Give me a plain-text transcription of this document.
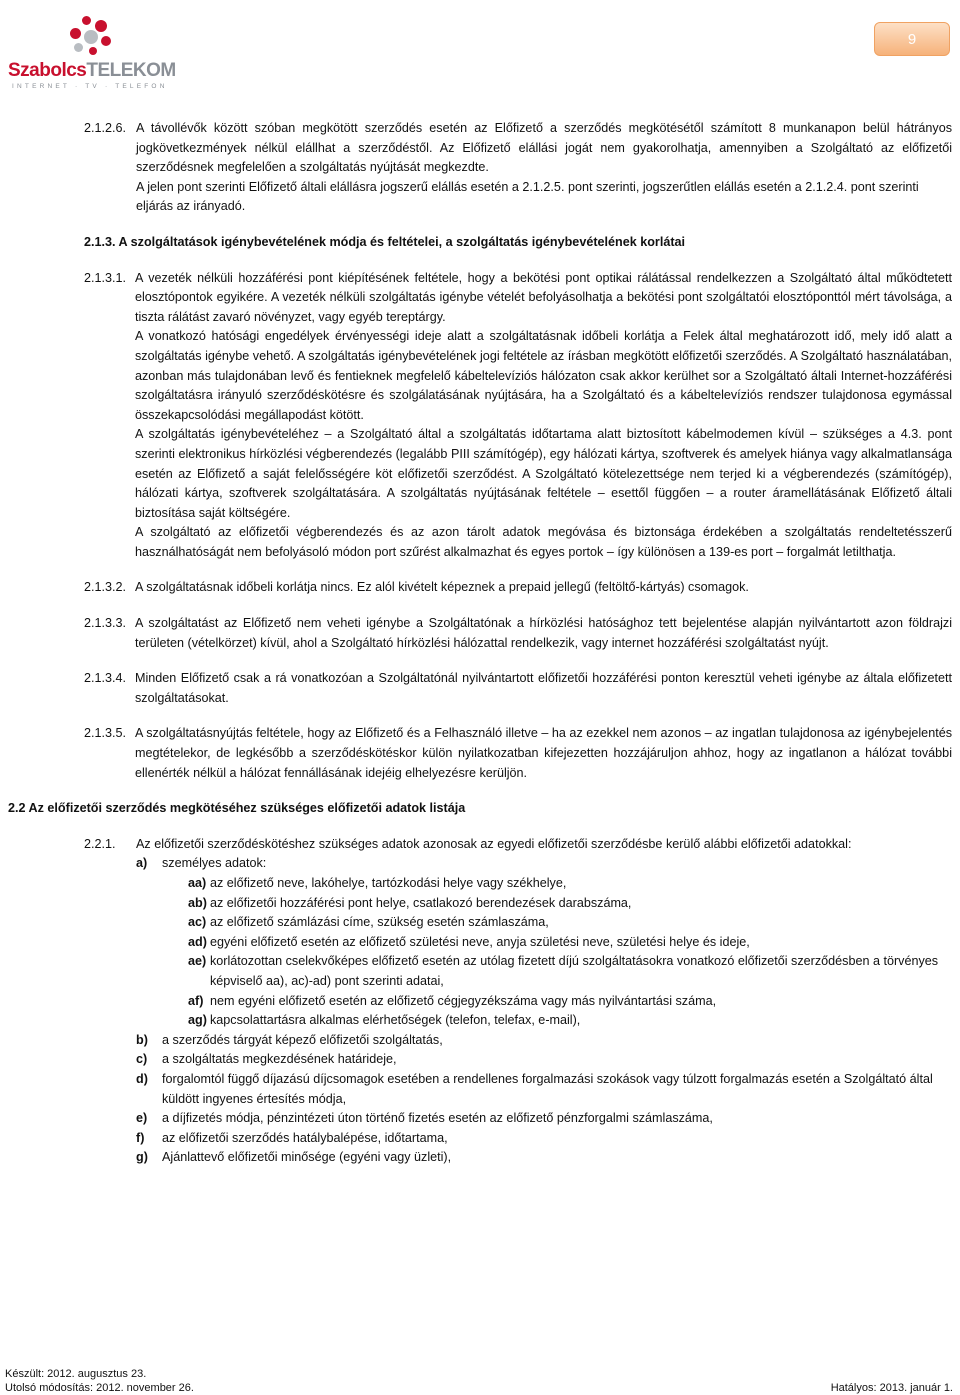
SzabolcsTELEKOM
INTERNET · TV · TELEFON
9
2.1.2.6. A távollévők között szóban megkötött szerződés esetén az Előfizető a szerződés megkötésétől számított 8 munkanapon belül hátrányos jogkövetkezmények nélkül elállhat a szerződéstől. Az Előfizető elállási jogát nem gyakorolhatja, amennyiben a Szolgáltató az előfizetői szerződésnek megfelelően a szolgáltatás nyújtását megkezdte.

A jelen pont szerinti Előfizető általi elállásra jogszerű elállás esetén a 2.1.2.5. pont szerinti, jogszerűtlen elállás esetén a 2.1.2.4. pont szerinti eljárás az irányadó.

2.1.3. A szolgáltatások igénybevételének módja és feltételei, a szolgáltatás igénybevételének korlátai
2.1.3.1. A vezeték nélküli hozzáférési pont kiépítésének feltétele, hogy a bekötési pont optikai rálátással rendelkezzen a Szolgáltató által működtetett elosztópontok egyikére. A vezeték nélküli szolgáltatás igénybe vételét befolyásolhatja a bekötési pont szolgáltatói elosztóponttól mért távolsága, a tiszta rálátást zavaró növényzet, vagy egyéb tereptárgy.

A vonatkozó hatósági engedélyek érvényességi ideje alatt a szolgáltatásnak időbeli korlátja a Felek által meghatározott idő, mely idő alatt a szolgáltatás igénybe vehető. A szolgáltatás igénybevételének jogi feltétele az írásban megkötött előfizetői szerződés. A Szolgáltató használatában, azonban más tulajdonában levő és fentieknek megfelelő kábeltelevíziós hálózaton csak akkor kerülhet sor a Szolgáltató általi Internet-hozzáférési szolgáltatásra irányuló szerződéskötésre és szolgálatásának nyújtására, ha a Szolgáltató és a kábeltelevíziós rendszer tulajdonosa egymással összekapcsolódási megállapodást kötött.

A szolgáltatás igénybevételéhez – a Szolgáltató által a szolgáltatás időtartama alatt biztosított kábelmodemen kívül – szükséges a 4.3. pont szerinti elektronikus hírközlési végberendezés (legalább PIII számítógép), egy hálózati kártya, szoftverek és amelyek hiánya vagy alkalmatlansága esetén az Előfizető a saját felelősségére köt előfizetői szerződést. A Szolgáltató kötelezettsége nem terjed ki a végberendezés (számítógép), hálózati kártya, szoftverek szolgáltatására. A szolgáltatás nyújtásának feltétele – esettől függően – a router áramellátásának Előfizető általi biztosítása saját költségére.

A szolgáltató az előfizetői végberendezés és az azon tárolt adatok megóvása és biztonsága érdekében a szolgáltatás rendeltetésszerű használhatóságát nem befolyásoló módon port szűrést alkalmazhat és egyes portok – így különösen a 139-es port – forgalmát letilthatja.

2.1.3.2. A szolgáltatásnak időbeli korlátja nincs. Ez alól kivételt képeznek a prepaid jellegű (feltöltő-kártyás) csomagok.

2.1.3.3. A szolgáltatást az Előfizető nem veheti igénybe a Szolgáltatónak a hírközlési hatósághoz tett bejelentése alapján nyilvántartott azon földrajzi területen (vételkörzet) kívül, ahol a Szolgáltató hírközlési hálózattal rendelkezik, vagy internet hozzáférési szolgáltatást nyújt.

2.1.3.4. Minden Előfizető csak a rá vonatkozóan a Szolgáltatónál nyilvántartott előfizetői hozzáférési ponton keresztül veheti igénybe az általa előfizetett szolgáltatásokat.

2.1.3.5. A szolgáltatásnyújtás feltétele, hogy az Előfizető és a Felhasználó illetve – ha az ezekkel nem azonos – az ingatlan tulajdonosa az igénybejelentés megtételekor, de legkésőbb a szerződéskötéskor külön nyilatkozatban kifejezetten hozzájáruljon ahhoz, hogy az ingatlanon a hálózat további ellenérték nélkül a hálózat fennállásának idejéig elhelyezésre kerüljön.

2.2 Az előfizetői szerződés megkötéséhez szükséges előfizetői adatok listája
2.2.1. Az előfizetői szerződéskötéshez szükséges adatok azonosak az egyedi előfizetői szerződésbe kerülő alábbi előfizetői adatokkal:

a) személyes adatok:
aa) az előfizető neve, lakóhelye, tartózkodási helye vagy székhelye,
ab) az előfizetői hozzáférési pont helye, csatlakozó berendezések darabszáma,
ac) az előfizető számlázási címe, szükség esetén számlaszáma,
ad) egyéni előfizető esetén az előfizető születési neve, anyja születési neve, születési helye és ideje,
ae) korlátozottan cselekvőképes előfizető esetén az utólag fizetett díjú szolgáltatásokra vonatkozó előfizetői szerződésben a törvényes képviselő aa), ac)-ad) pont szerinti adatai,
af) nem egyéni előfizető esetén az előfizető cégjegyzékszáma vagy más nyilvántartási száma,
ag) kapcsolattartásra alkalmas elérhetőségek (telefon, telefax, e-mail),
b) a szerződés tárgyát képező előfizetői szolgáltatás,
c) a szolgáltatás megkezdésének határideje,
d) forgalomtól függő díjazású díjcsomagok esetében a rendellenes forgalmazási szokások vagy túlzott forgalmazás esetén a Szolgáltató által küldött ingyenes értesítés módja,
e) a díjfizetés módja, pénzintézeti úton történő fizetés esetén az előfizető pénzforgalmi számlaszáma,
f) az előfizetői szerződés hatálybalépése, időtartama,
g) Ajánlattevő előfizetői minősége (egyéni vagy üzleti),
Készült: 2012. augusztus 23.
Utolsó módosítás: 2012. november 26.	Hatályos: 2013. január 1.
